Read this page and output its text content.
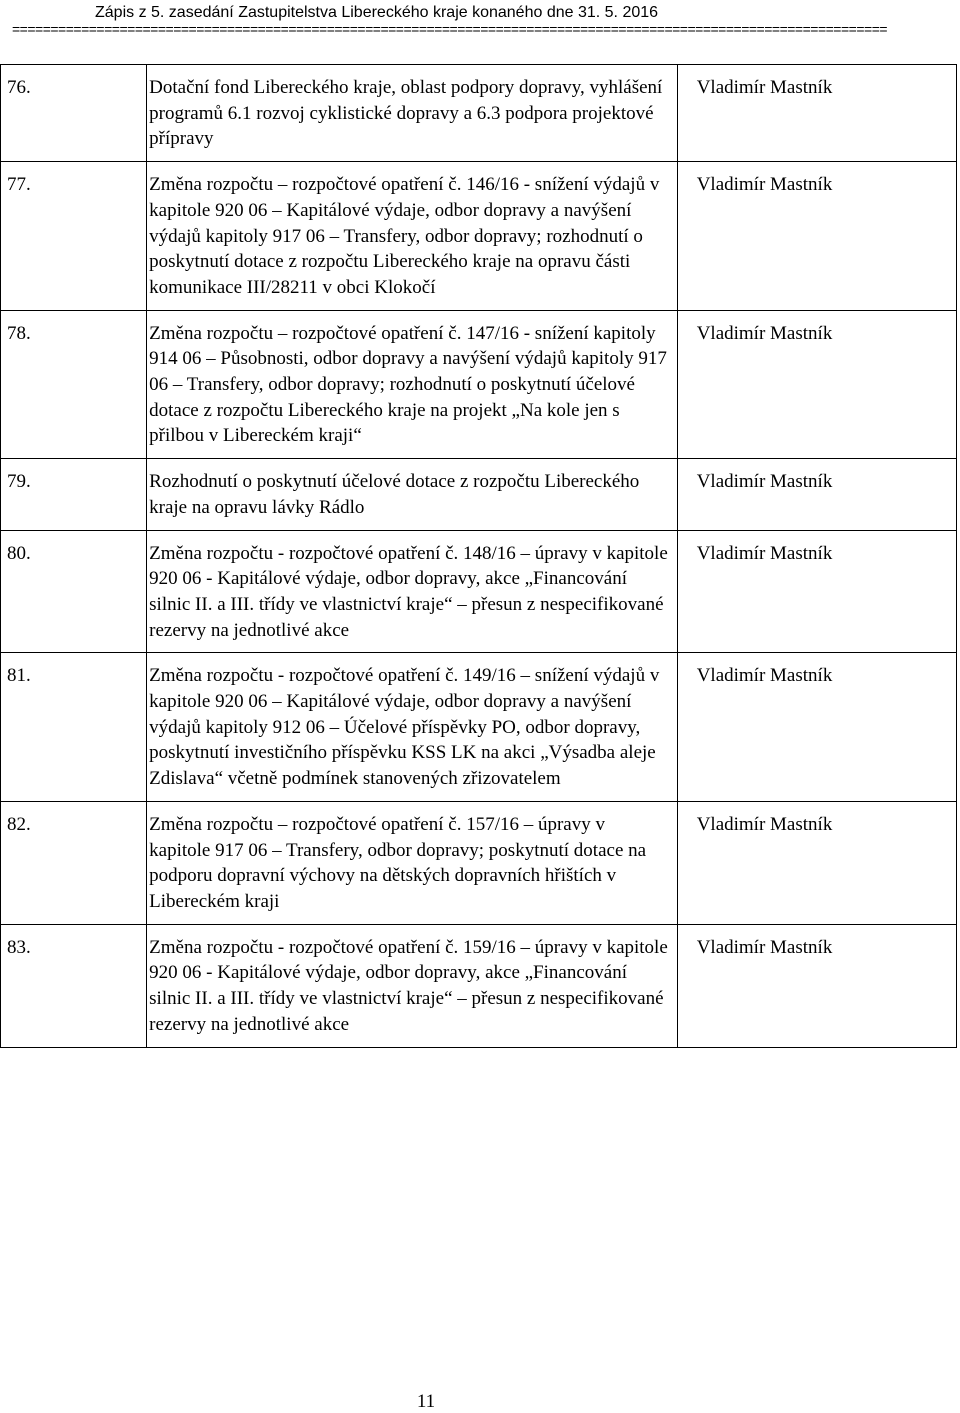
Zápis z 5. zasedání Zastupitelstva Libereckého kraje konaného dne 31. 5. 2016
==================================================================================================================
76.	Dotační fond Libereckého kraje, oblast podpory dopravy, vyhlášení programů 6.1 rozvoj cyklistické dopravy a 6.3 podpora projektové přípravy	Vladimír Mastník
77.	Změna rozpočtu – rozpočtové opatření č. 146/16 - snížení výdajů v kapitole 920 06 – Kapitálové výdaje, odbor dopravy a navýšení výdajů kapitoly 917 06 – Transfery, odbor dopravy; rozhodnutí o poskytnutí dotace z rozpočtu Libereckého kraje na opravu části komunikace III/28211 v obci Klokočí	Vladimír Mastník
78.	Změna rozpočtu – rozpočtové opatření č. 147/16 - snížení kapitoly 914 06 – Působnosti, odbor dopravy a navýšení výdajů kapitoly 917 06 – Transfery, odbor dopravy; rozhodnutí o poskytnutí účelové dotace z rozpočtu Libereckého kraje na projekt „Na kole jen s přilbou v Libereckém kraji“	Vladimír Mastník
79.	Rozhodnutí o poskytnutí účelové dotace z rozpočtu Libereckého kraje na opravu lávky Rádlo	Vladimír Mastník
80.	Změna rozpočtu - rozpočtové opatření č. 148/16 – úpravy v kapitole 920 06 - Kapitálové výdaje, odbor dopravy, akce „Financování silnic II. a III. třídy ve vlastnictví kraje“ – přesun z nespecifikované rezervy na jednotlivé akce	Vladimír Mastník
81.	Změna rozpočtu - rozpočtové opatření č. 149/16 – snížení výdajů v kapitole 920 06 – Kapitálové výdaje, odbor dopravy a navýšení výdajů kapitoly 912 06 – Účelové příspěvky PO, odbor dopravy, poskytnutí investičního příspěvku KSS LK na akci „Výsadba aleje Zdislava“ včetně podmínek stanovených zřizovatelem	Vladimír Mastník
82.	Změna rozpočtu – rozpočtové opatření č. 157/16 – úpravy v kapitole 917 06 – Transfery, odbor dopravy; poskytnutí dotace na podporu dopravní výchovy na dětských dopravních hřištích v Libereckém kraji	Vladimír Mastník
83.	Změna rozpočtu - rozpočtové opatření č. 159/16 – úpravy v kapitole 920 06 - Kapitálové výdaje, odbor dopravy, akce „Financování silnic II. a III. třídy ve vlastnictví kraje“ – přesun z nespecifikované rezervy na jednotlivé akce	Vladimír Mastník
11
